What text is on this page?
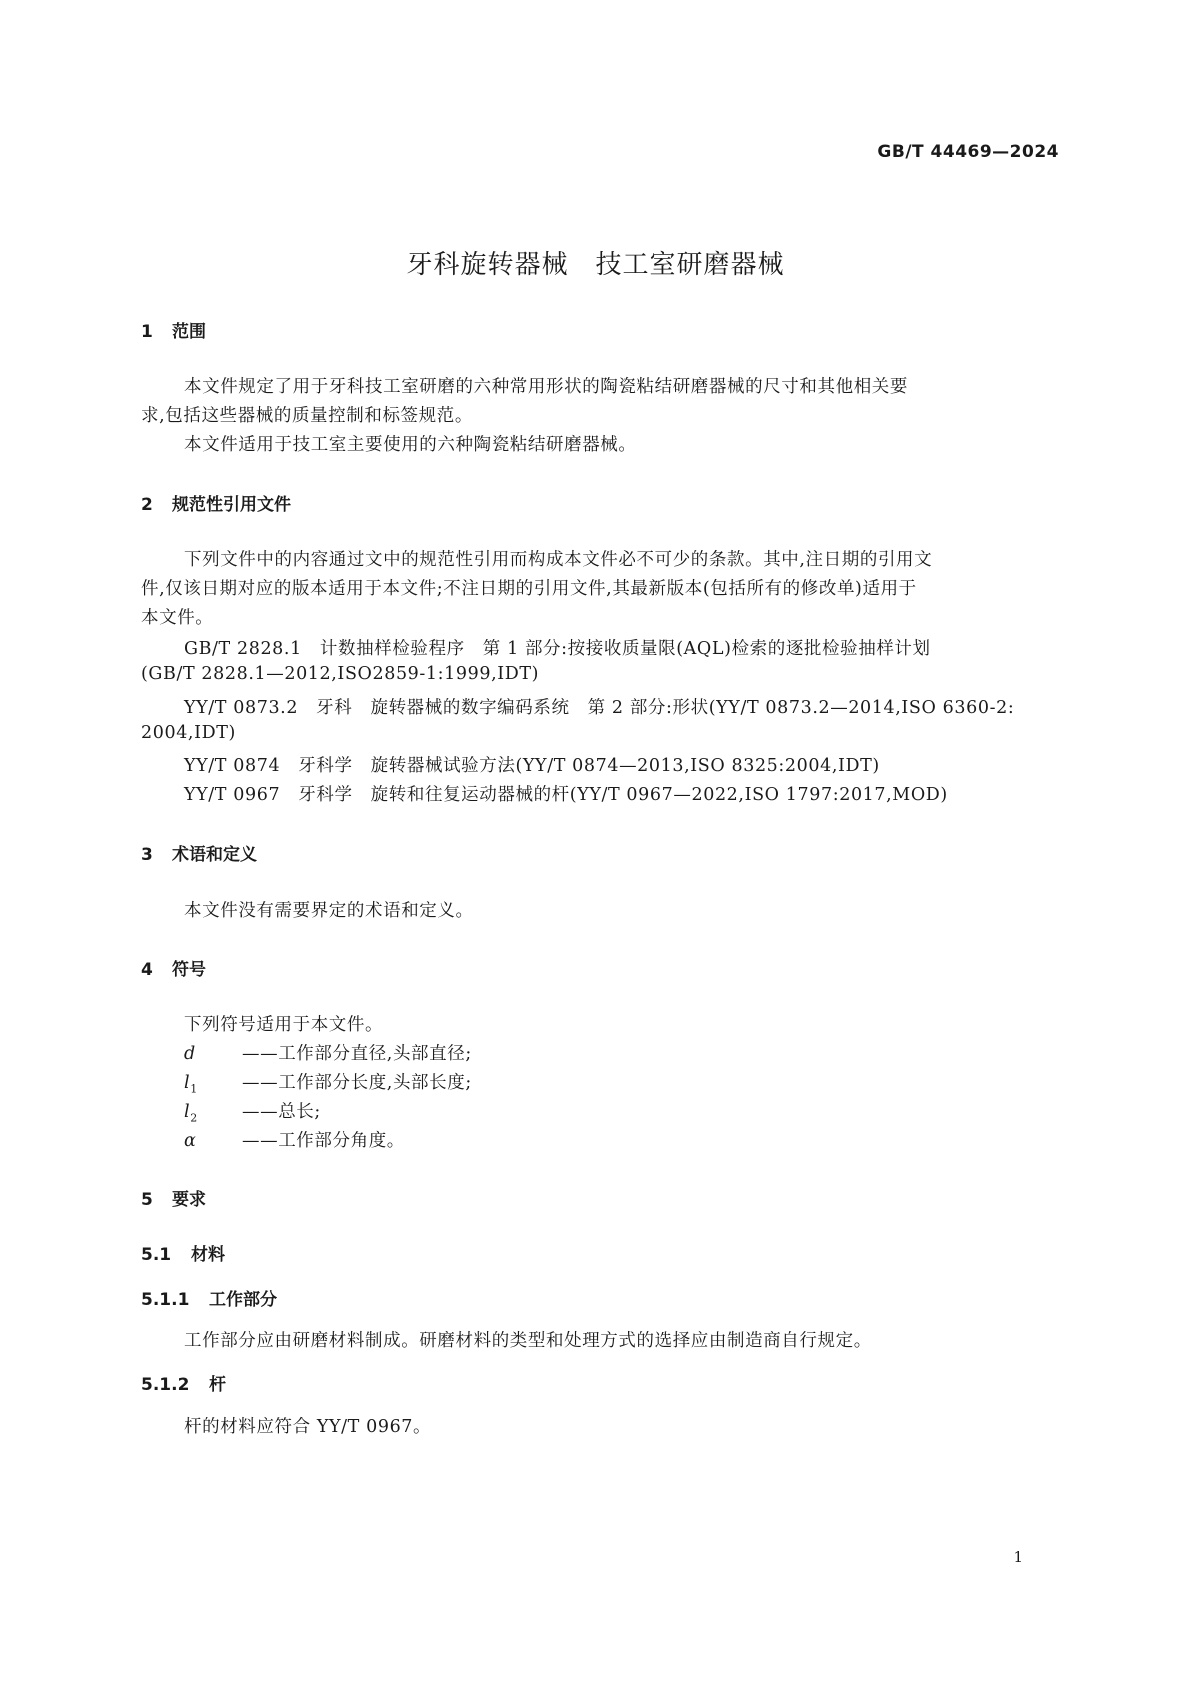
GB/T 44469—2024
牙科旋转器械　技工室研磨器械
1 范围
本文件规定了用于牙科技工室研磨的六种常用形状的陶瓷粘结研磨器械的尺寸和其他相关要
求,包括这些器械的质量控制和标签规范。
本文件适用于技工室主要使用的六种陶瓷粘结研磨器械。
2 规范性引用文件
下列文件中的内容通过文中的规范性引用而构成本文件必不可少的条款。其中,注日期的引用文
件,仅该日期对应的版本适用于本文件;不注日期的引用文件,其最新版本(包括所有的修改单)适用于
本文件。
GB/T 2828.1　计数抽样检验程序　第 1 部分:按接收质量限(AQL)检索的逐批检验抽样计划
(GB/T 2828.1—2012,ISO2859-1:1999,IDT)
YY/T 0873.2　牙科　旋转器械的数字编码系统　第 2 部分:形状(YY/T 0873.2—2014,ISO 6360-2:
2004,IDT)
YY/T 0874　牙科学　旋转器械试验方法(YY/T 0874—2013,ISO 8325:2004,IDT)
YY/T 0967　牙科学　旋转和往复运动器械的杆(YY/T 0967—2022,ISO 1797:2017,MOD)
3 术语和定义
本文件没有需要界定的术语和定义。
4 符号
下列符号适用于本文件。
d	——工作部分直径,头部直径;
$l_1$	——工作部分长度,头部长度;
$l_2$	——总长;
α	——工作部分角度。
5 要求
5.1 材料
5.1.1 工作部分
工作部分应由研磨材料制成。研磨材料的类型和处理方式的选择应由制造商自行规定。
5.1.2 杆
杆的材料应符合 YY/T 0967。
1
